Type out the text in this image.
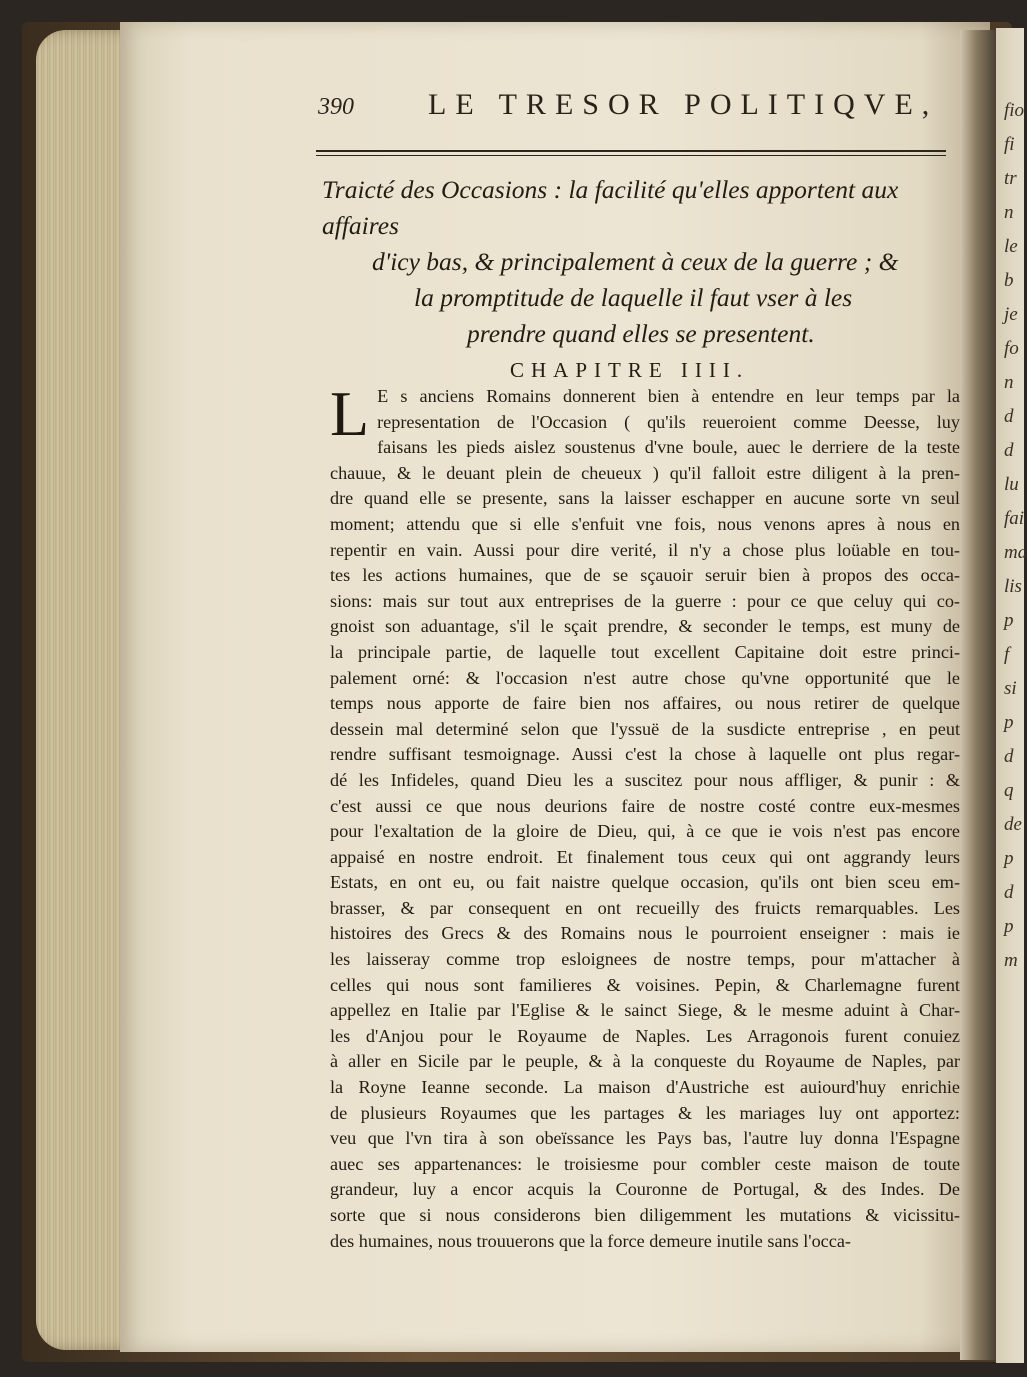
fio
fi
tr
n
le
b
je
fo
n
d
d
lu
fai
ma
lis
p
f
si
p
d
q
de
p
d
p
m
390 LE TRESOR POLITIQVE,
Traicté des Occasions : la facilité qu'elles apportent aux affaires
d'icy bas, & principalement à ceux de la guerre ; &
la promptitude de laquelle il faut vser à les
prendre quand elles se presentent.
CHAPITRE IIII.
L E s anciens Romains donnerent bien à entendre en leur temps par la
representation de l'Occasion ( qu'ils reueroient comme Deesse, luy
faisans les pieds aislez soustenus d'vne boule, auec le derriere de la teste
chauue, & le deuant plein de cheueux ) qu'il falloit estre diligent à la pren-
dre quand elle se presente, sans la laisser eschapper en aucune sorte vn seul
moment; attendu que si elle s'enfuit vne fois, nous venons apres à nous en
repentir en vain. Aussi pour dire verité, il n'y a chose plus loüable en tou-
tes les actions humaines, que de se sçauoir seruir bien à propos des occa-
sions: mais sur tout aux entreprises de la guerre : pour ce que celuy qui co-
gnoist son aduantage, s'il le sçait prendre, & seconder le temps, est muny de
la principale partie, de laquelle tout excellent Capitaine doit estre princi-
palement orné: & l'occasion n'est autre chose qu'vne opportunité que le
temps nous apporte de faire bien nos affaires, ou nous retirer de quelque
dessein mal determiné selon que l'yssuë de la susdicte entreprise , en peut
rendre suffisant tesmoignage. Aussi c'est la chose à laquelle ont plus regar-
dé les Infideles, quand Dieu les a suscitez pour nous affliger, & punir : &
c'est aussi ce que nous deurions faire de nostre costé contre eux-mesmes
pour l'exaltation de la gloire de Dieu, qui, à ce que ie vois n'est pas encore
appaisé en nostre endroit. Et finalement tous ceux qui ont aggrandy leurs
Estats, en ont eu, ou fait naistre quelque occasion, qu'ils ont bien sceu em-
brasser, & par consequent en ont recueilly des fruicts remarquables. Les
histoires des Grecs & des Romains nous le pourroient enseigner : mais ie
les laisseray comme trop esloignees de nostre temps, pour m'attacher à
celles qui nous sont familieres & voisines. Pepin, & Charlemagne furent
appellez en Italie par l'Eglise & le sainct Siege, & le mesme aduint à Char-
les d'Anjou pour le Royaume de Naples. Les Arragonois furent conuiez
à aller en Sicile par le peuple, & à la conqueste du Royaume de Naples, par
la Royne Ieanne seconde. La maison d'Austriche est auiourd'huy enrichie
de plusieurs Royaumes que les partages & les mariages luy ont apportez:
veu que l'vn tira à son obeïssance les Pays bas, l'autre luy donna l'Espagne
auec ses appartenances: le troisiesme pour combler ceste maison de toute
grandeur, luy a encor acquis la Couronne de Portugal, & des Indes. De
sorte que si nous considerons bien diligemment les mutations & vicissitu-
des humaines, nous trouuerons que la force demeure inutile sans l'occa-
